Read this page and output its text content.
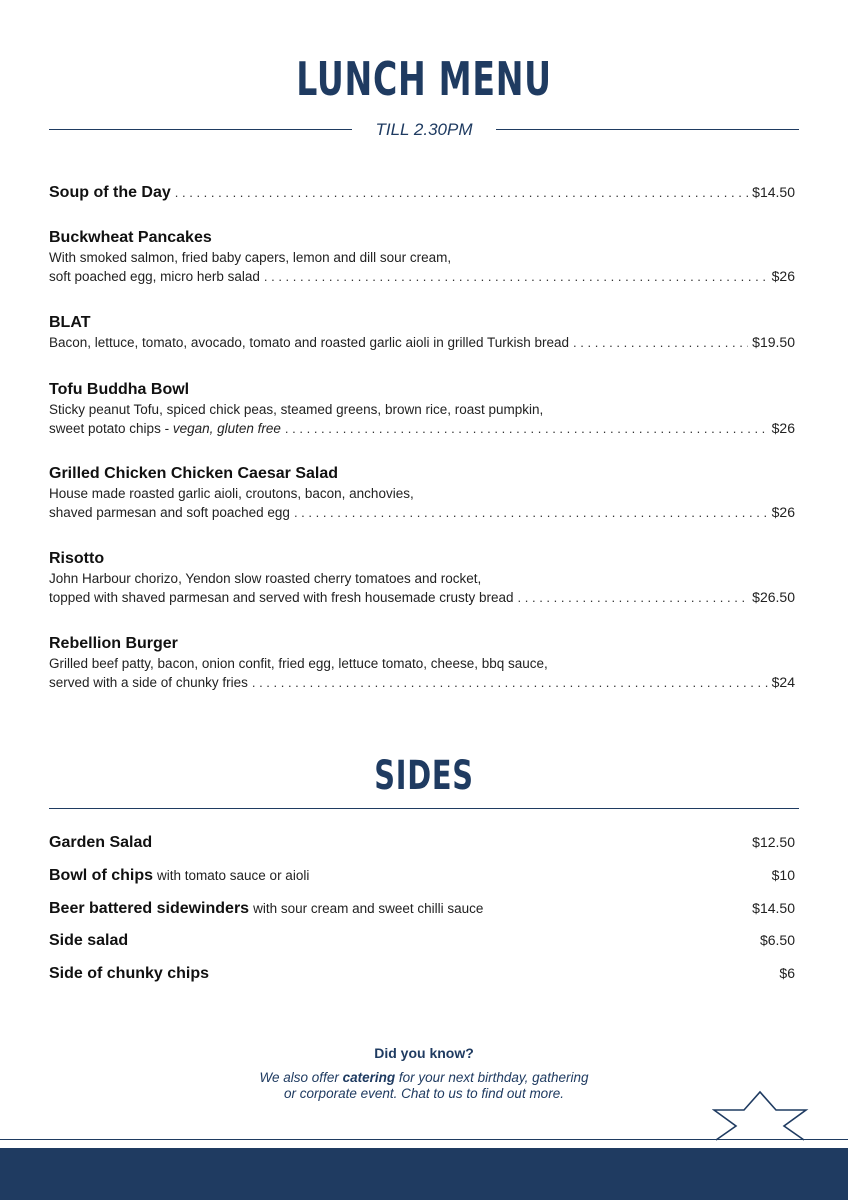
LUNCH MENU
TILL 2.30PM
Soup of the Day . . .	$14.50
Buckwheat Pancakes
With smoked salmon, fried baby capers, lemon and dill sour cream,
soft poached egg, micro herb salad . . .	$26
BLAT
Bacon, lettuce, tomato, avocado, tomato and roasted garlic aioli in grilled Turkish bread . . .	$19.50
Tofu Buddha Bowl
Sticky peanut Tofu, spiced chick peas, steamed greens, brown rice, roast pumpkin,
sweet potato chips - vegan, gluten free . . .	$26
Grilled Chicken Chicken Caesar Salad
House made roasted garlic aioli, croutons, bacon, anchovies,
shaved parmesan and soft poached egg . . .	$26
Risotto
John Harbour chorizo, Yendon slow roasted cherry tomatoes and rocket,
topped with shaved parmesan and served with fresh housemade crusty bread . . .	$26.50
Rebellion Burger
Grilled beef patty, bacon, onion confit, fried egg, lettuce tomato, cheese, bbq sauce,
served with a side of chunky fries . . .	$24
SIDES
Garden Salad	$12.50
Bowl of chips with tomato sauce or aioli	$10
Beer battered sidewinders with sour cream and sweet chilli sauce	$14.50
Side salad	$6.50
Side of chunky chips	$6
Did you know?
We also offer catering for your next birthday, gathering
or corporate event. Chat to us to find out more.
